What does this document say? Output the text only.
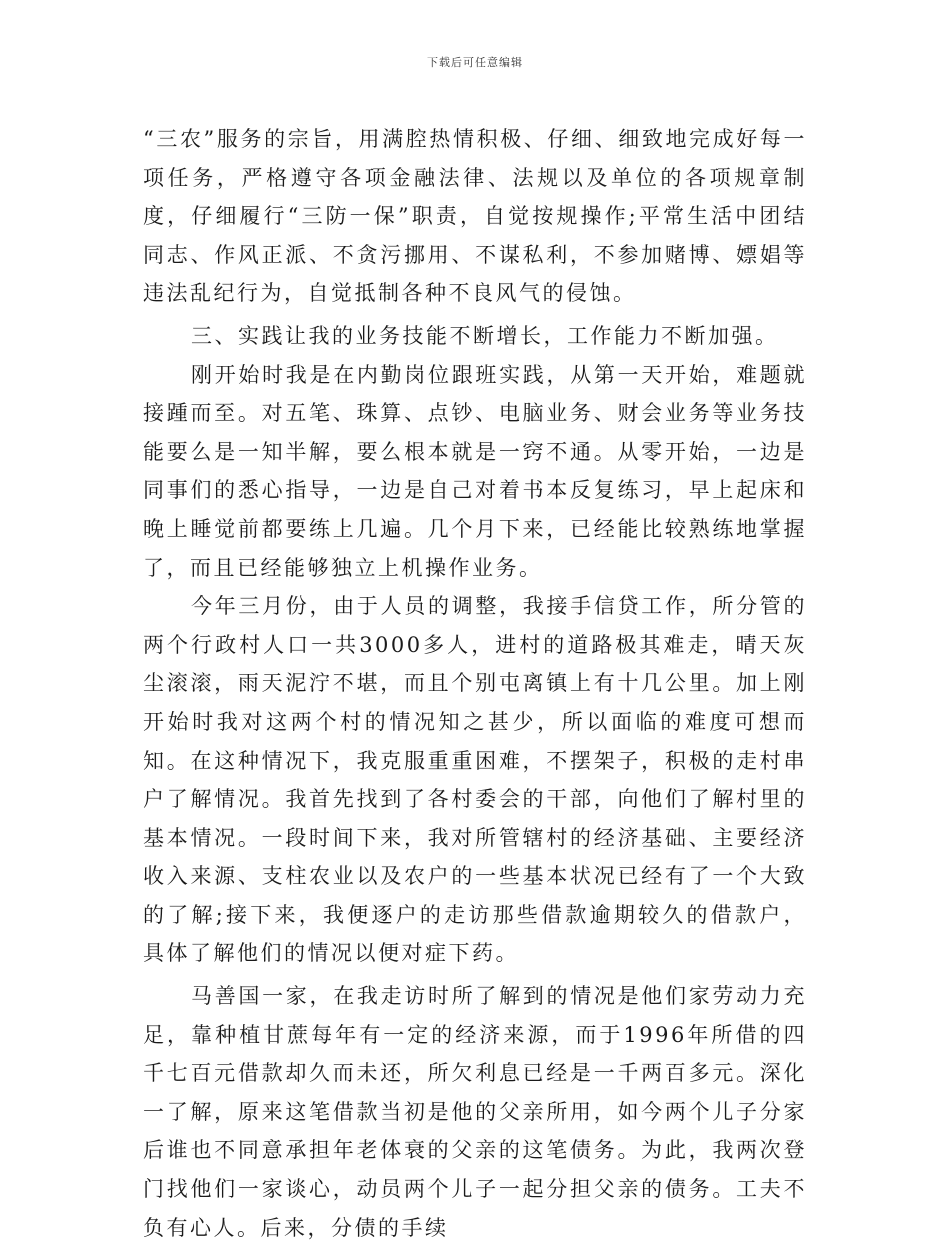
下载后可任意编辑

“三农”服务的宗旨，用满腔热情积极、仔细、细致地完成好每一项任务，严格遵守各项金融法律、法规以及单位的各项规章制度，仔细履行“三防一保”职责，自觉按规操作;平常生活中团结同志、作风正派、不贪污挪用、不谋私利，不参加赌博、嫖娼等违法乱纪行为，自觉抵制各种不良风气的侵蚀。

三、实践让我的业务技能不断增长，工作能力不断加强。

刚开始时我是在内勤岗位跟班实践，从第一天开始，难题就接踵而至。对五笔、珠算、点钞、电脑业务、财会业务等业务技能要么是一知半解，要么根本就是一窍不通。从零开始，一边是同事们的悉心指导，一边是自己对着书本反复练习，早上起床和晚上睡觉前都要练上几遍。几个月下来，已经能比较熟练地掌握了，而且已经能够独立上机操作业务。

今年三月份，由于人员的调整，我接手信贷工作，所分管的两个行政村人口一共3000多人，进村的道路极其难走，晴天灰尘滚滚，雨天泥泞不堪，而且个别屯离镇上有十几公里。加上刚开始时我对这两个村的情况知之甚少，所以面临的难度可想而知。在这种情况下，我克服重重困难，不摆架子，积极的走村串户了解情况。我首先找到了各村委会的干部，向他们了解村里的基本情况。一段时间下来，我对所管辖村的经济基础、主要经济收入来源、支柱农业以及农户的一些基本状况已经有了一个大致的了解;接下来，我便逐户的走访那些借款逾期较久的借款户，具体了解他们的情况以便对症下药。

马善国一家，在我走访时所了解到的情况是他们家劳动力充足，靠种植甘蔗每年有一定的经济来源，而于1996年所借的四千七百元借款却久而未还，所欠利息已经是一千两百多元。深化一了解，原来这笔借款当初是他的父亲所用，如今两个儿子分家后谁也不同意承担年老体衰的父亲的这笔债务。为此，我两次登门找他们一家谈心，动员两个儿子一起分担父亲的债务。工夫不负有心人。后来，分债的手续
